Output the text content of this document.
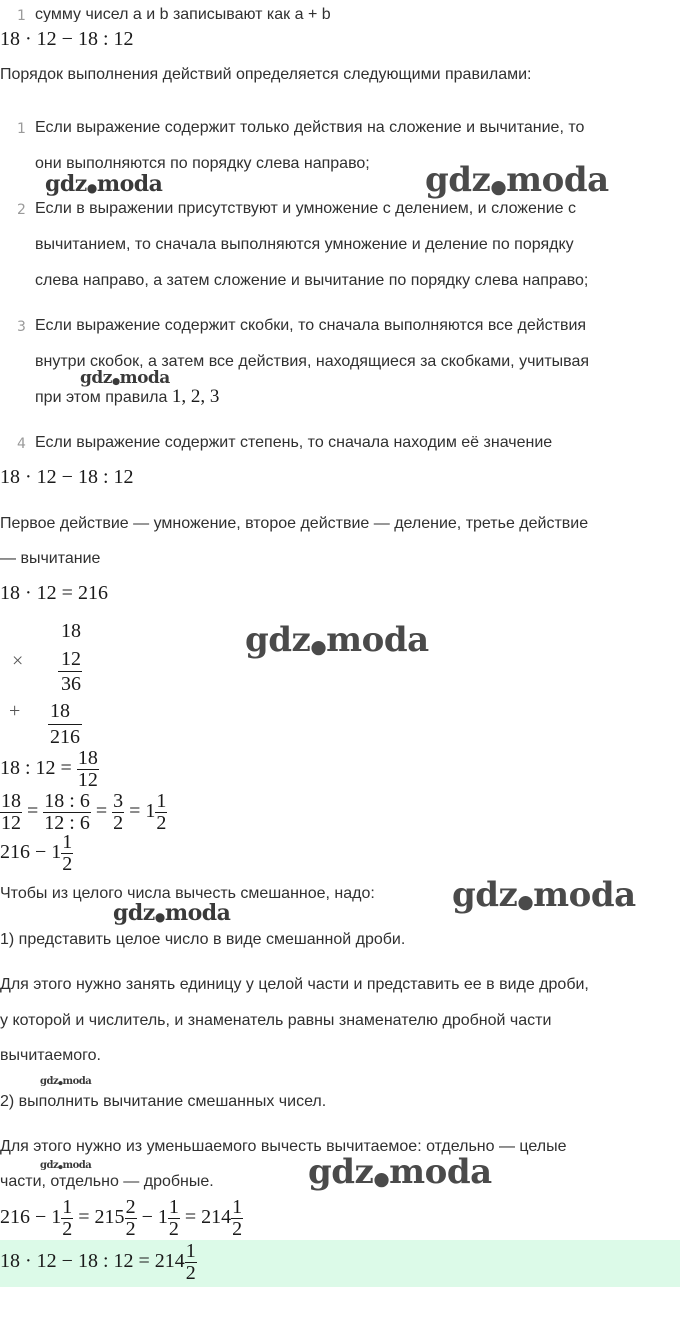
1 сумму чисел a и b записывают как a + b
18 · 12 − 18 : 12
Порядок выполнения действий определяется следующими правилами:
1 Если выражение содержит только действия на сложение и вычитание, то
они выполняются по порядку слева направо;
2 Если в выражении присутствуют и умножение с делением, и сложение с
вычитанием, то сначала выполняются умножение и деление по порядку
слева направо, а затем сложение и вычитание по порядку слева направо;
3 Если выражение содержит скобки, то сначала выполняются все действия
внутри скобок, а затем все действия, находящиеся за скобками, учитывая
при этом правила 1, 2, 3
4 Если выражение содержит степень, то сначала находим её значение
18 · 12 − 18 : 12
Первое действие — умножение, второе действие — деление, третье действие
— вычитание
18 · 12 = 216
18
× 12
36
+ 18
216
18 : $12 = \frac{18}{12}$
$\frac{18}{12} = \frac{18 : 6}{12 : 6} = \frac{3}{2} = 1 \frac{1}{2}$
$216 - 1 \frac{1}{2}$
Чтобы из целого числа вычесть смешанное, надо:
1) представить целое число в виде смешанной дроби.
Для этого нужно занять единицу у целой части и представить ее в виде дроби,
у которой и числитель, и знаменатель равны знаменателю дробной части
вычитаемого.
2) выполнить вычитание смешанных чисел.
Для этого нужно из уменьшаемого вычесть вычитаемое: отдельно — целые
части, отдельно — дробные.
$216 - 1 \frac{1}{2} = 215 \frac{2}{2} - 1 \frac{1}{2} = 214 \frac{1}{2}$
18 · 12 − 18 : $12 = 214 \frac{1}{2}$
gdz●moda	gdz●moda
gdz●moda
gdz●moda
gdz●moda
gdz●moda
gdz●moda
gdz●moda	gdz●moda
